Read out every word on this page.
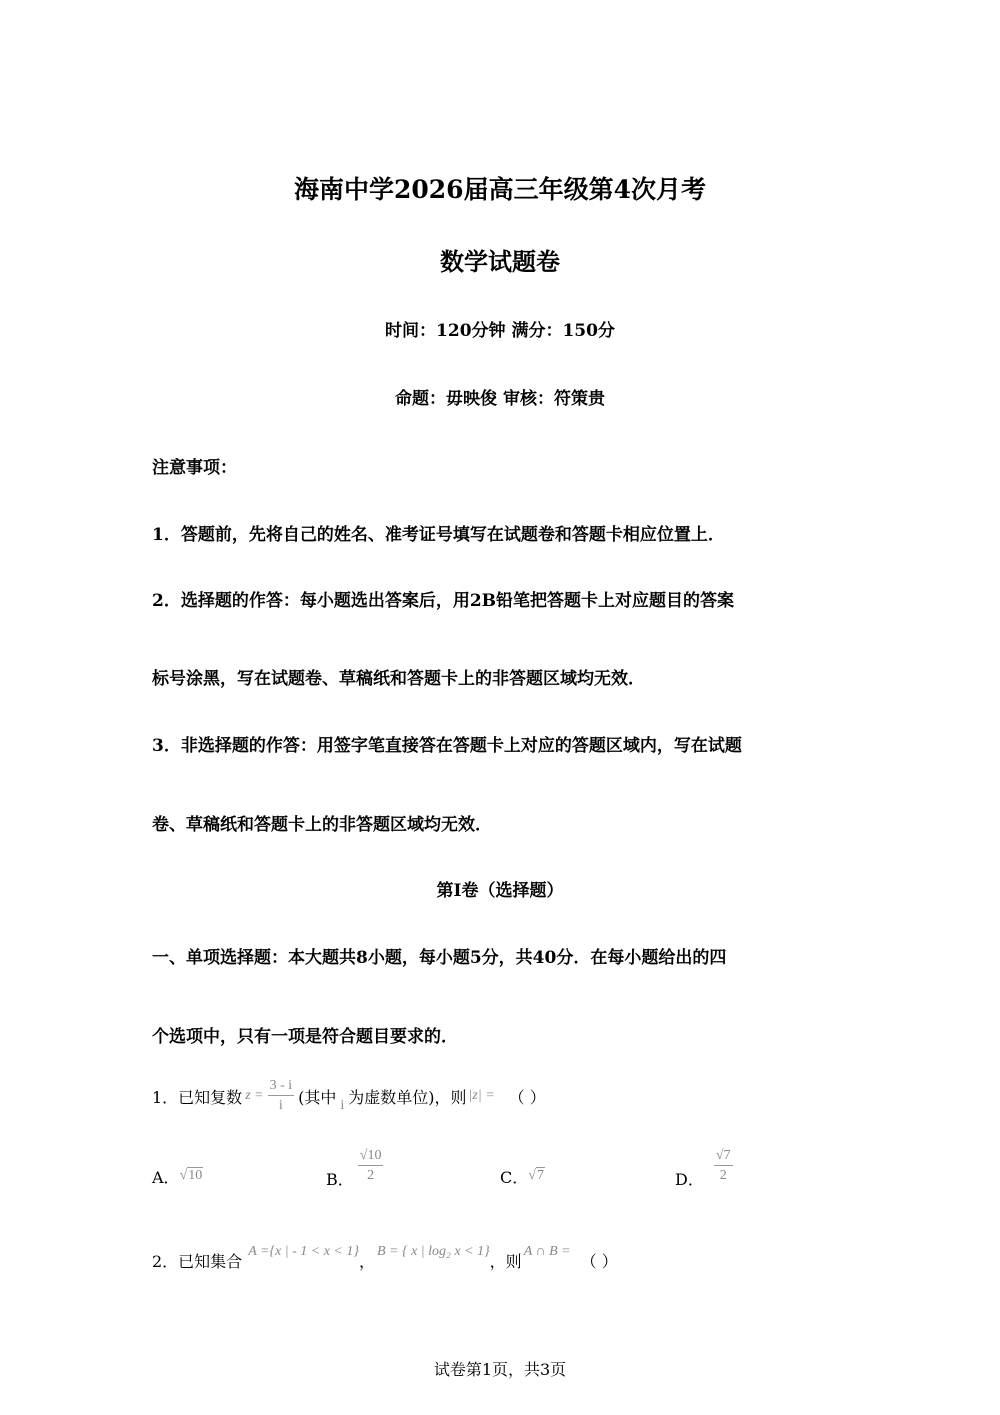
海南中学2026届高三年级第4次月考
数学试题卷
时间：120分钟 满分：150分
命题：毋映俊 审核：符策贵
注意事项：
1．答题前，先将自己的姓名、准考证号填写在试题卷和答题卡相应位置上．
2．选择题的作答：每小题选出答案后，用2B铅笔把答题卡上对应题目的答案
标号涂黑，写在试题卷、草稿纸和答题卡上的非答题区域均无效．
3．非选择题的作答：用签字笔直接答在答题卡上对应的答题区域内，写在试题
卷、草稿纸和答题卡上的非答题区域均无效．
第Ⅰ卷（选择题）
一、单项选择题：本大题共8小题，每小题5分，共40分．在每小题给出的四
个选项中，只有一项是符合题目要求的．
1．已知复数 $z = \frac{3 - i}{i}$ (其中 i 为虚数单位)，则 |z| = （ ）
A． √10	B． $\frac{√10}{2}$	C． √7	D． $\frac{√7}{2}$
2．已知集合 A ={x | - 1 < x < 1} ， B = { x | log₂ x < 1} ，则 A ∩ B = （ ）
试卷第1页，共3页
